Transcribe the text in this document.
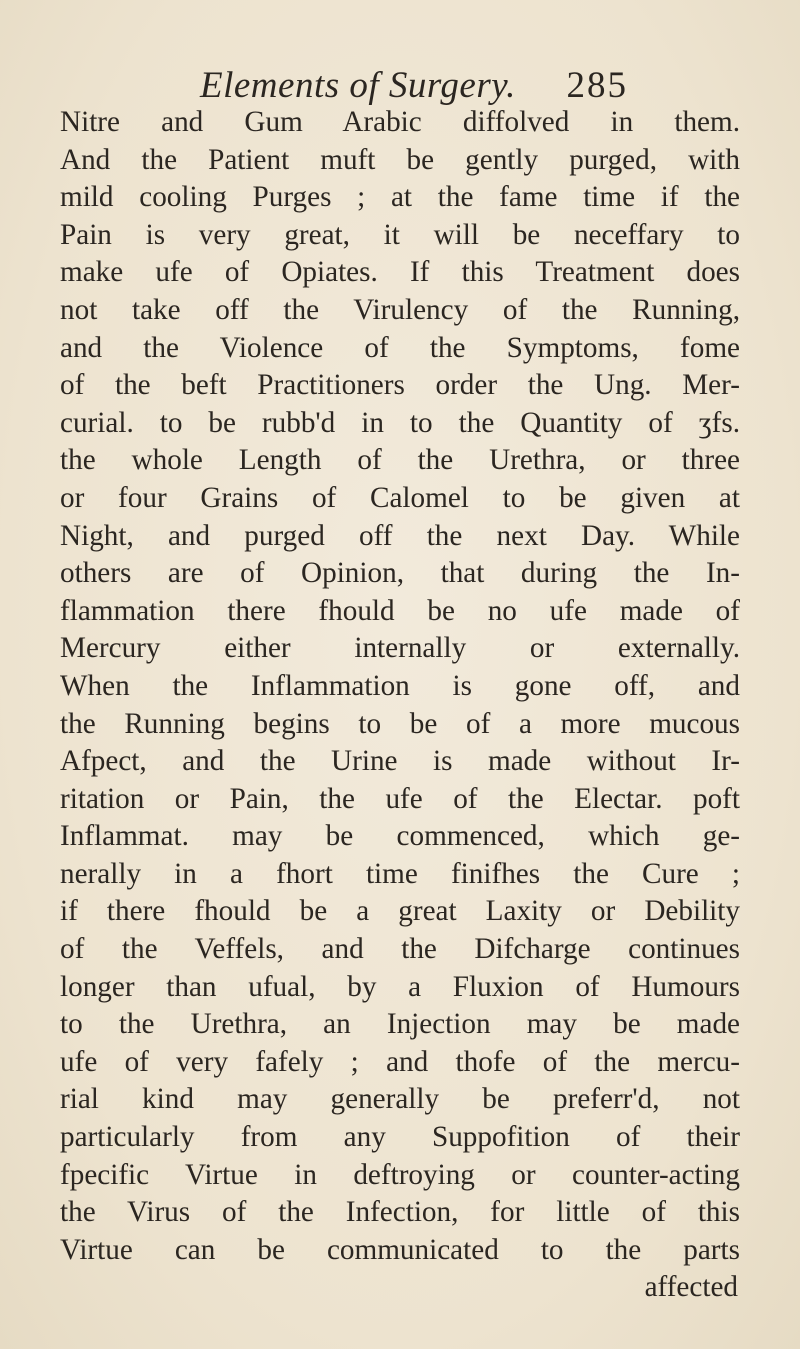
Elements of Surgery. 285
Nitre and Gum Arabic diffolved in them.
And the Patient muft be gently purged, with
mild cooling Purges ; at the fame time if the
Pain is very great, it will be neceffary to
make ufe of Opiates. If this Treatment does
not take off the Virulency of the Running,
and the Violence of the Symptoms, fome
of the beft Practitioners order the Ung. Mer-
curial. to be rubb'd in to the Quantity of ʒfs.
the whole Length of the Urethra, or three
or four Grains of Calomel to be given at
Night, and purged off the next Day. While
others are of Opinion, that during the In-
flammation there fhould be no ufe made of
Mercury either internally or externally.
When the Inflammation is gone off, and
the Running begins to be of a more mucous
Afpect, and the Urine is made without Ir-
ritation or Pain, the ufe of the Electar. poft
Inflammat. may be commenced, which ge-
nerally in a fhort time finifhes the Cure ;
if there fhould be a great Laxity or Debility
of the Veffels, and the Difcharge continues
longer than ufual, by a Fluxion of Humours
to the Urethra, an Injection may be made
ufe of very fafely ; and thofe of the mercu-
rial kind may generally be preferr'd, not
particularly from any Suppofition of their
fpecific Virtue in deftroying or counter-acting
the Virus of the Infection, for little of this
Virtue can be communicated to the parts
affected
